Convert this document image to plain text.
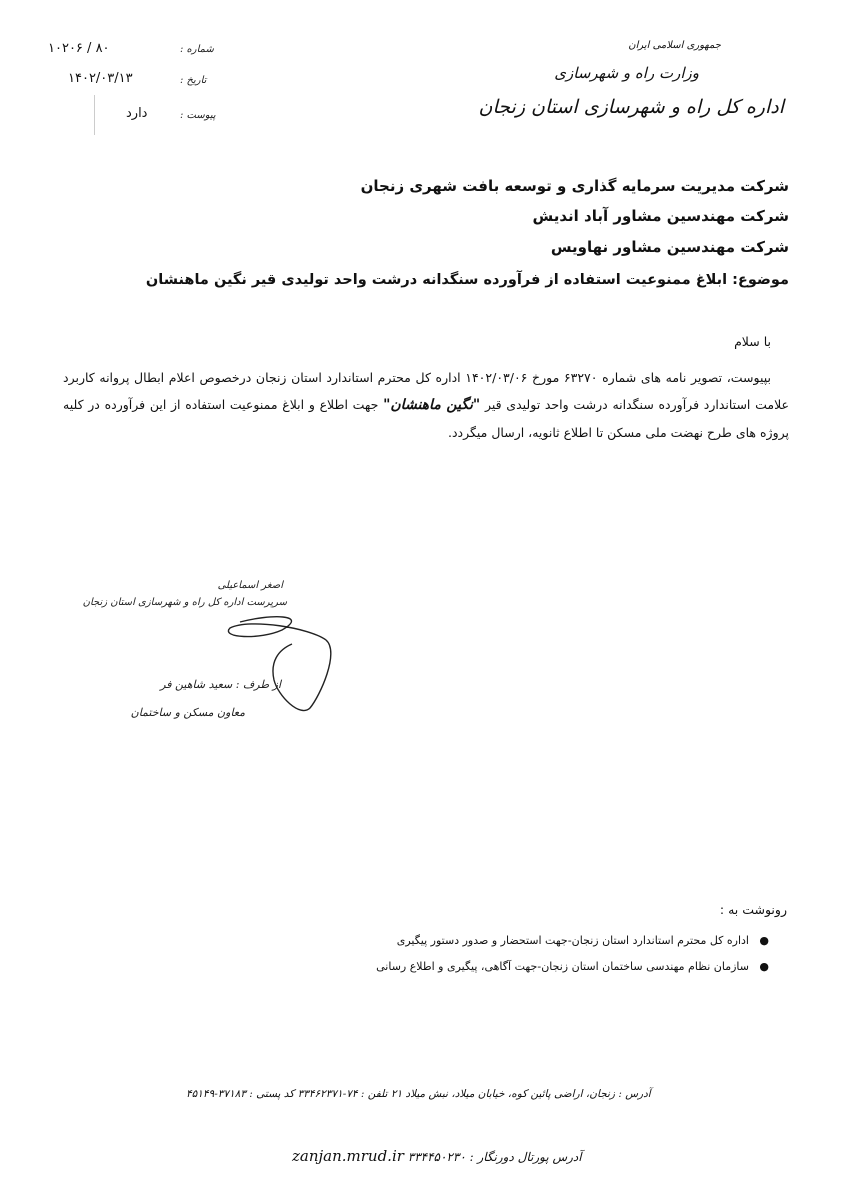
جمهوری اسلامی ایران
وزارت راه و شهرسازی
اداره کل راه و شهرسازی استان زنجان
شماره :
۸۰ / ۱۰۲۰۶
تاریخ :
۱۴۰۲/۰۳/۱۳
پیوست :
دارد
شرکت مدیریت سرمایه گذاری و توسعه بافت شهری زنجان
شرکت مهندسین مشاور آباد اندیش
شرکت مهندسین مشاور نهاویس
موضوع: ابلاغ ممنوعیت استفاده از فرآورده سنگدانه درشت واحد تولیدی قیر نگین ماهنشان
با سلام
بپیوست، تصویر نامه های شماره ۶۳۲۷۰ مورخ ۱۴۰۲/۰۳/۰۶ اداره کل محترم استاندارد استان زنجان درخصوص اعلام ابطال پروانه کاربرد علامت استاندارد فرآورده سنگدانه درشت واحد تولیدی قیر "نگین ماهنشان" جهت اطلاع و ابلاغ ممنوعیت استفاده از این فرآورده در کلیه پروژه های طرح نهضت ملی مسکن تا اطلاع ثانویه، ارسال میگردد.
اصغر اسماعیلی
سرپرست اداره کل راه و شهرسازی استان زنجان
از طرف : سعید شاهین فر
معاون مسکن و ساختمان
رونوشت به :
●
اداره کل محترم استاندارد استان زنجان-جهت استحضار و صدور دستور پیگیری
●
سازمان نظام مهندسی ساختمان استان زنجان-جهت آگاهی، پیگیری و اطلاع رسانی
آدرس : زنجان، اراضی پائین کوه، خیابان میلاد، نبش میلاد ۲۱ تلفن : ۷۴-۳۳۴۶۲۳۷۱ کد پستی : ۳۷۱۸۳-۴۵۱۴۹
zanjan.mrud.ir	آدرس پورتال دورنگار : ۳۳۴۴۵۰۲۳۰
